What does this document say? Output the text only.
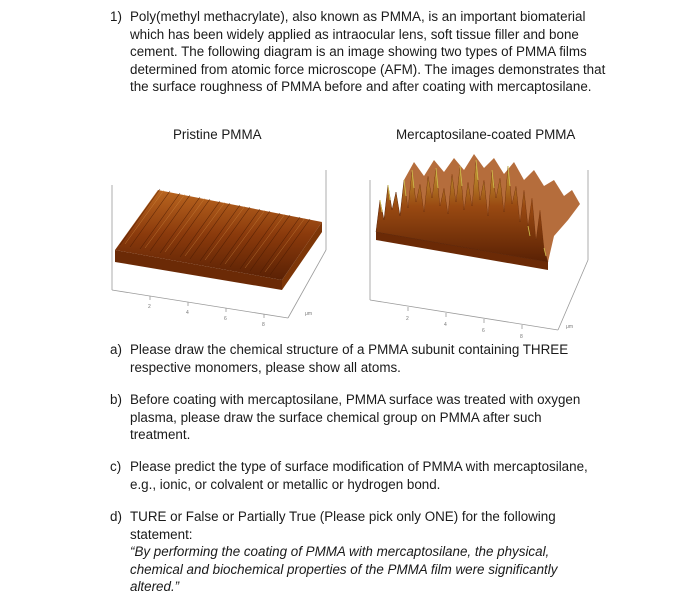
1) Poly(methyl methacrylate), also known as PMMA, is an important biomaterial which has been widely applied as intraocular lens, soft tissue filler and bone cement. The following diagram is an image showing two types of PMMA films determined from atomic force microscope (AFM). The images demonstrates that the surface roughness of PMMA before and after coating with mercaptosilane.
Pristine PMMA	Mercaptosilane-coated PMMA
2
4
6
8
μm
2
4
6
8
μm
a) Please draw the chemical structure of a PMMA subunit containing THREE respective monomers, please show all atoms.
b) Before coating with mercaptosilane, PMMA surface was treated with oxygen plasma, please draw the surface chemical group on PMMA after such treatment.
c) Please predict the type of surface modification of PMMA with mercaptosilane, e.g., ionic, or colvalent or metallic or hydrogen bond.
d) TURE or False or Partially True (Please pick only ONE) for the following statement:
“By performing the coating of PMMA with mercaptosilane, the physical, chemical and biochemical properties of the PMMA film were significantly altered.”
